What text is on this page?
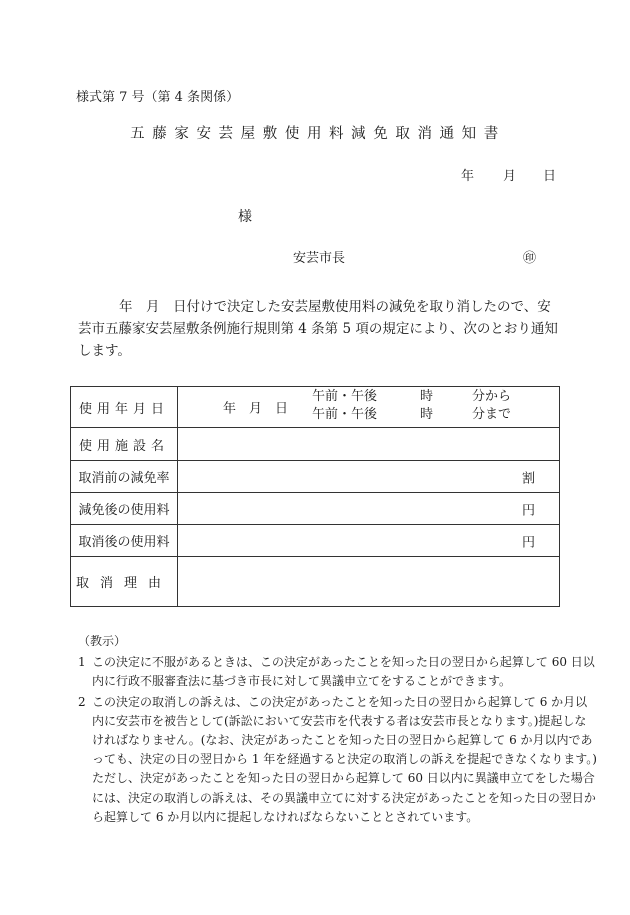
様式第 7 号（第 4 条関係）
五藤家安芸屋敷使用料減免取消通知書
年 月 日
様
安芸市長	㊞
年　月　日付けで決定した安芸屋敷使用料の減免を取り消したので、安
芸市五藤家安芸屋敷条例施行規則第 4 条第 5 項の規定により、次のとおり通知
します。
使用年月日	年　月　日
午前・午後 時 分から
午前・午後 時 分まで

使用施設名	
取消前の減免率	割

減免後の使用料	円

取消後の使用料	円

取消理由	
（教示）
1 この決定に不服があるときは、この決定があったことを知った日の翌日から起算して 60 日以
内に行政不服審査法に基づき市長に対して異議申立てをすることができます。
2 この決定の取消しの訴えは、この決定があったことを知った日の翌日から起算して 6 か月以
内に安芸市を被告として(訴訟において安芸市を代表する者は安芸市長となります。)提起しな
ければなりません。(なお、決定があったことを知った日の翌日から起算して 6 か月以内であ
っても、決定の日の翌日から 1 年を経過すると決定の取消しの訴えを提起できなくなります。)
ただし、決定があったことを知った日の翌日から起算して 60 日以内に異議申立てをした場合
には、決定の取消しの訴えは、その異議申立てに対する決定があったことを知った日の翌日か
ら起算して 6 か月以内に提起しなければならないこととされています。
